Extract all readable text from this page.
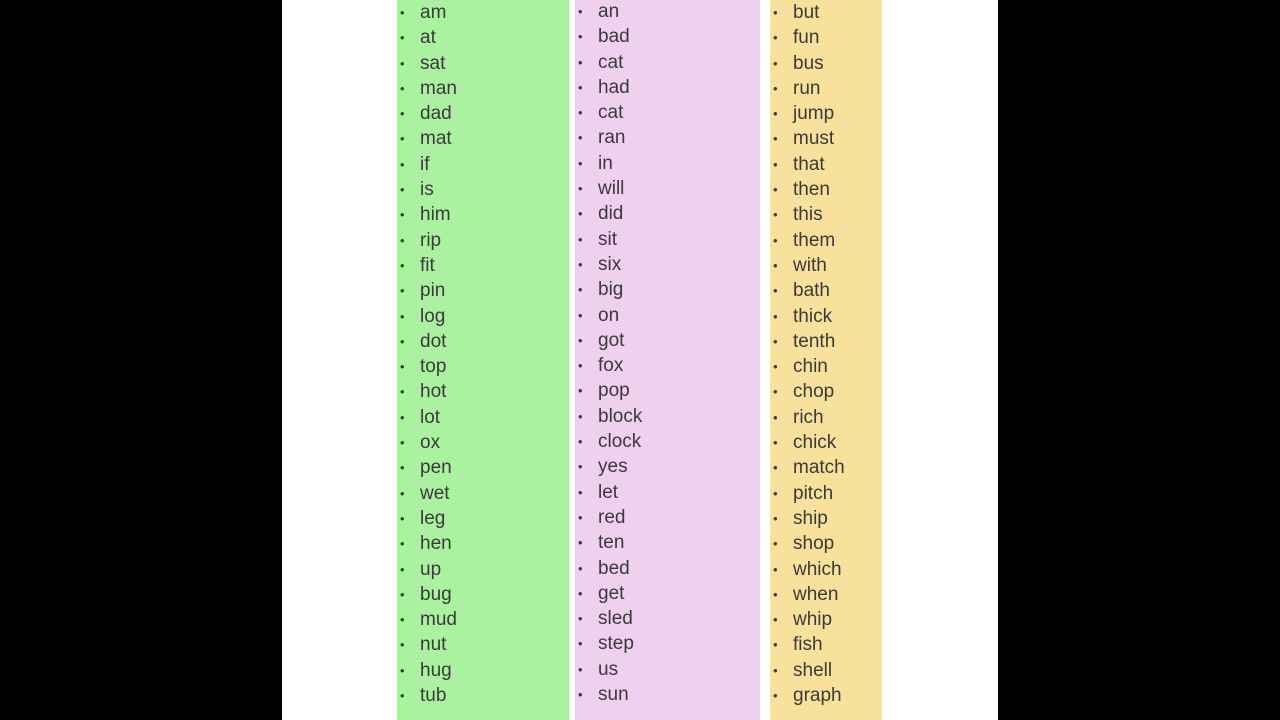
• am
• at
• sat
• man
• dad
• mat
• if
• is
• him
• rip
• fit
• pin
• log
• dot
• top
• hot
• lot
• ox
• pen
• wet
• leg
• hen
• up
• bug
• mud
• nut
• hug
• tub
• an
• bad
• cat
• had
• cat
• ran
• in
• will
• did
• sit
• six
• big
• on
• got
• fox
• pop
• block
• clock
• yes
• let
• red
• ten
• bed
• get
• sled
• step
• us
• sun
• but
• fun
• bus
• run
• jump
• must
• that
• then
• this
• them
• with
• bath
• thick
• tenth
• chin
• chop
• rich
• chick
• match
• pitch
• ship
• shop
• which
• when
• whip
• fish
• shell
• graph
